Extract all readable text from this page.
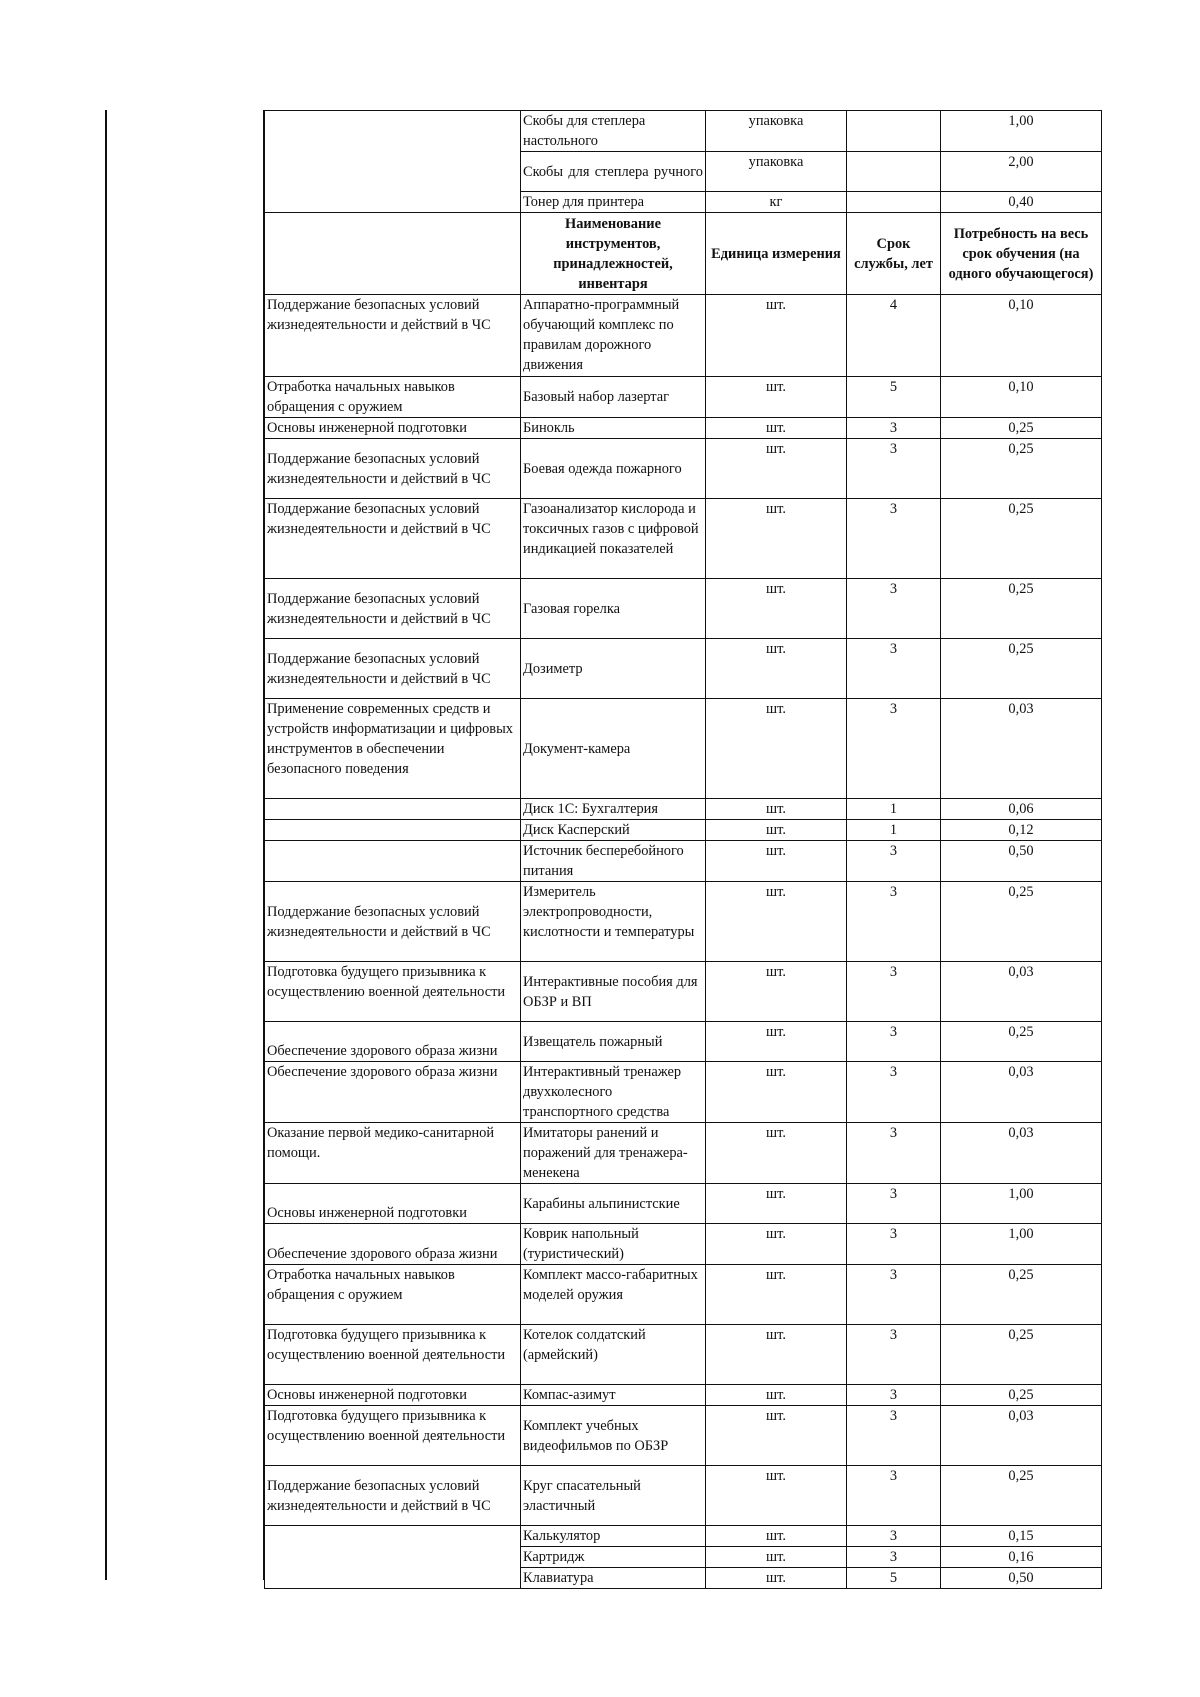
	Скобы для степлера настольного	упаковка		1,00
	Скобы для степлера ручного	упаковка		2,00
	Тонер для принтера	кг		0,40
	Наименование инструментов, принадлежностей, инвентаря	Единица измерения	Срок службы, лет	Потребность на весь срок обучения (на одного обучающегося)
Поддержание безопасных условий жизнедеятельности и действий в ЧС	Аппаратно-программный обучающий комплекс по правилам дорожного движения	шт.	4	0,10
Отработка начальных навыков обращения с оружием	Базовый набор лазертаг	шт.	5	0,10
Основы инженерной подготовки	Бинокль	шт.	3	0,25
Поддержание безопасных условий жизнедеятельности и действий в ЧС	Боевая одежда пожарного	шт.	3	0,25
Поддержание безопасных условий жизнедеятельности и действий в ЧС	Газоанализатор кислорода и токсичных газов с цифровой индикацией показателей	шт.	3	0,25
Поддержание безопасных условий жизнедеятельности и действий в ЧС	Газовая горелка	шт.	3	0,25
Поддержание безопасных условий жизнедеятельности и действий в ЧС	Дозиметр	шт.	3	0,25
Применение современных средств и устройств информатизации и цифровых инструментов в обеспечении безопасного поведения	Документ-камера	шт.	3	0,03
	Диск 1С: Бухгалтерия	шт.	1	0,06
	Диск Касперский	шт.	1	0,12
	Источник бесперебойного питания	шт.	3	0,50
Поддержание безопасных условий жизнедеятельности и действий в ЧС	Измеритель электропроводности, кислотности и температуры	шт.	3	0,25
Подготовка будущего призывника к осуществлению военной деятельности	Интерактивные пособия для ОБЗР и ВП	шт.	3	0,03
Обеспечение здорового образа жизни	Извещатель пожарный	шт.	3	0,25
Обеспечение здорового образа жизни	Интерактивный тренажер двухколесного транспортного средства	шт.	3	0,03
Оказание первой медико-санитарной помощи.	Имитаторы ранений и поражений для тренажера-менекена	шт.	3	0,03
Основы инженерной подготовки	Карабины альпинистские	шт.	3	1,00
Обеспечение здорового образа жизни	Коврик напольный (туристический)	шт.	3	1,00
Отработка начальных навыков обращения с оружием	Комплект массо-габаритных моделей оружия	шт.	3	0,25
Подготовка будущего призывника к осуществлению военной деятельности	Котелок солдатский (армейский)	шт.	3	0,25
Основы инженерной подготовки	Компас-азимут	шт.	3	0,25
Подготовка будущего призывника к осуществлению военной деятельности	Комплект учебных видеофильмов по ОБЗР	шт.	3	0,03
Поддержание безопасных условий жизнедеятельности и действий в ЧС	Круг спасательный эластичный	шт.	3	0,25
	Калькулятор	шт.	3	0,15
	Картридж	шт.	3	0,16
	Клавиатура	шт.	5	0,50
